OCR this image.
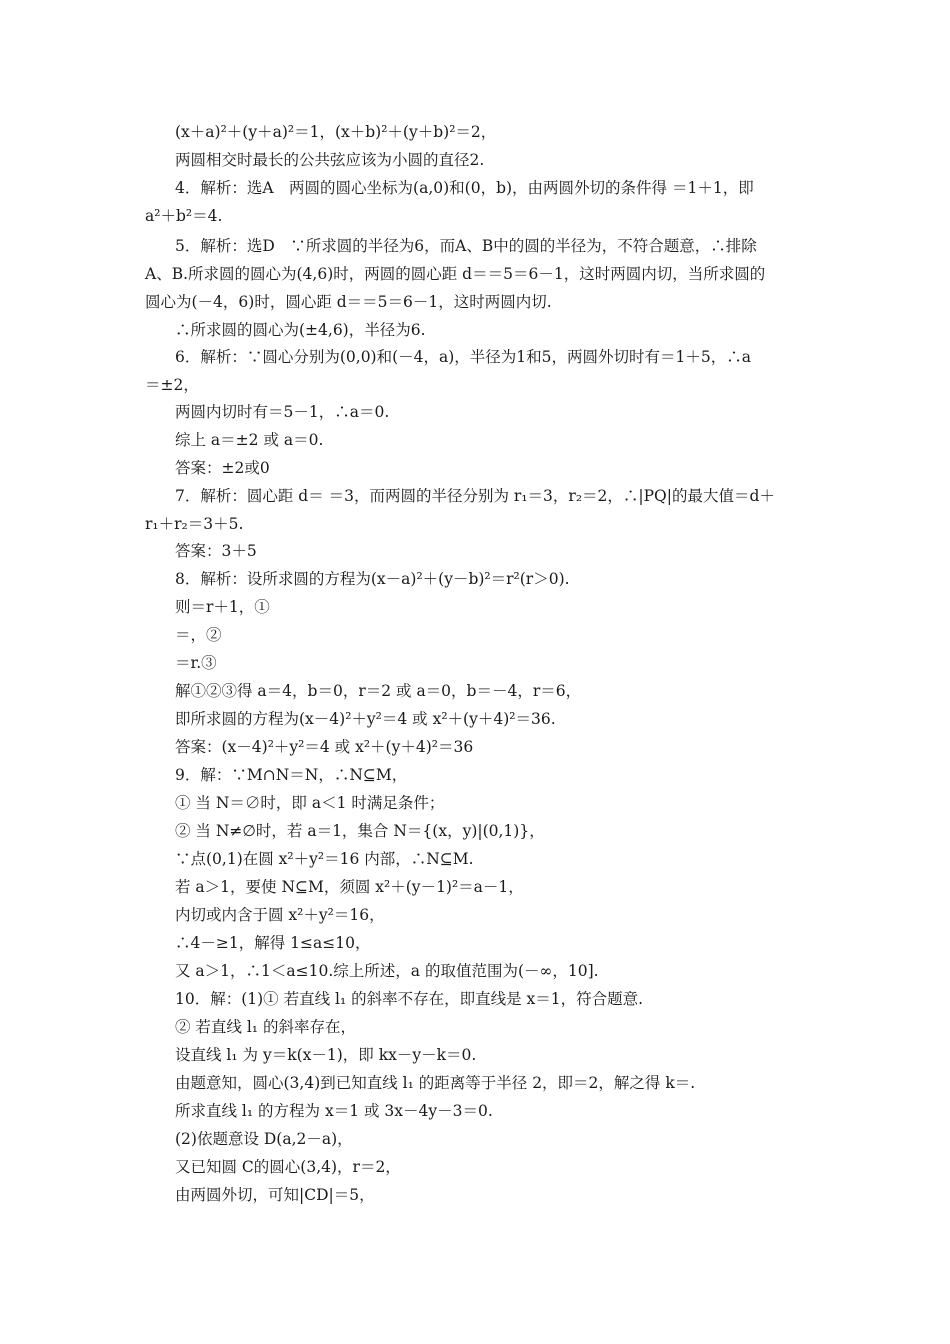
(x＋a)²＋(y＋a)²＝1，(x＋b)²＋(y＋b)²＝2，
两圆相交时最长的公共弦应该为小圆的直径2.
4．解析：选A　两圆的圆心坐标为(a,0)和(0，b)，由两圆外切的条件得 ＝1＋1，即
a²＋b²＝4.
5．解析：选D　∵所求圆的半径为6，而A、B中的圆的半径为，不符合题意，∴排除
A、B.所求圆的圆心为(4,6)时，两圆的圆心距 d＝＝5＝6－1，这时两圆内切，当所求圆的
圆心为(－4，6)时，圆心距 d＝＝5＝6－1，这时两圆内切.
∴所求圆的圆心为(±4,6)，半径为6.
6．解析：∵圆心分别为(0,0)和(－4，a)，半径为1和5，两圆外切时有＝1＋5，∴a
＝±2，
两圆内切时有＝5－1，∴a＝0.
综上 a＝±2 或 a＝0.
答案：±2或0
7．解析：圆心距 d＝ ＝3，而两圆的半径分别为 r₁＝3，r₂＝2，∴|PQ|的最大值＝d＋
r₁＋r₂＝3＋5.
答案：3＋5
8．解析：设所求圆的方程为(x－a)²＋(y－b)²＝r²(r＞0).
则＝r＋1，①
＝，②
＝r.③
解①②③得 a＝4，b＝0，r＝2 或 a＝0，b＝－4，r＝6，
即所求圆的方程为(x－4)²＋y²＝4 或 x²＋(y＋4)²＝36.
答案：(x－4)²＋y²＝4 或 x²＋(y＋4)²＝36
9．解：∵M∩N＝N，∴N⊆M，
① 当 N＝∅时，即 a＜1 时满足条件；
② 当 N≠∅时，若 a＝1，集合 N＝{(x，y)|(0,1)}，
∵点(0,1)在圆 x²＋y²＝16 内部，∴N⊆M.
若 a＞1，要使 N⊆M，须圆 x²＋(y－1)²＝a－1，
内切或内含于圆 x²＋y²＝16，
∴4－≥1，解得 1≤a≤10，
又 a＞1，∴1＜a≤10.综上所述，a 的取值范围为(－∞，10].
10．解：(1)① 若直线 l₁ 的斜率不存在，即直线是 x＝1，符合题意.
② 若直线 l₁ 的斜率存在，
设直线 l₁ 为 y＝k(x－1)，即 kx－y－k＝0.
由题意知，圆心(3,4)到已知直线 l₁ 的距离等于半径 2，即＝2，解之得 k＝.
所求直线 l₁ 的方程为 x＝1 或 3x－4y－3＝0.
(2)依题意设 D(a,2－a)，
又已知圆 C的圆心(3,4)，r＝2，
由两圆外切，可知|CD|＝5，
